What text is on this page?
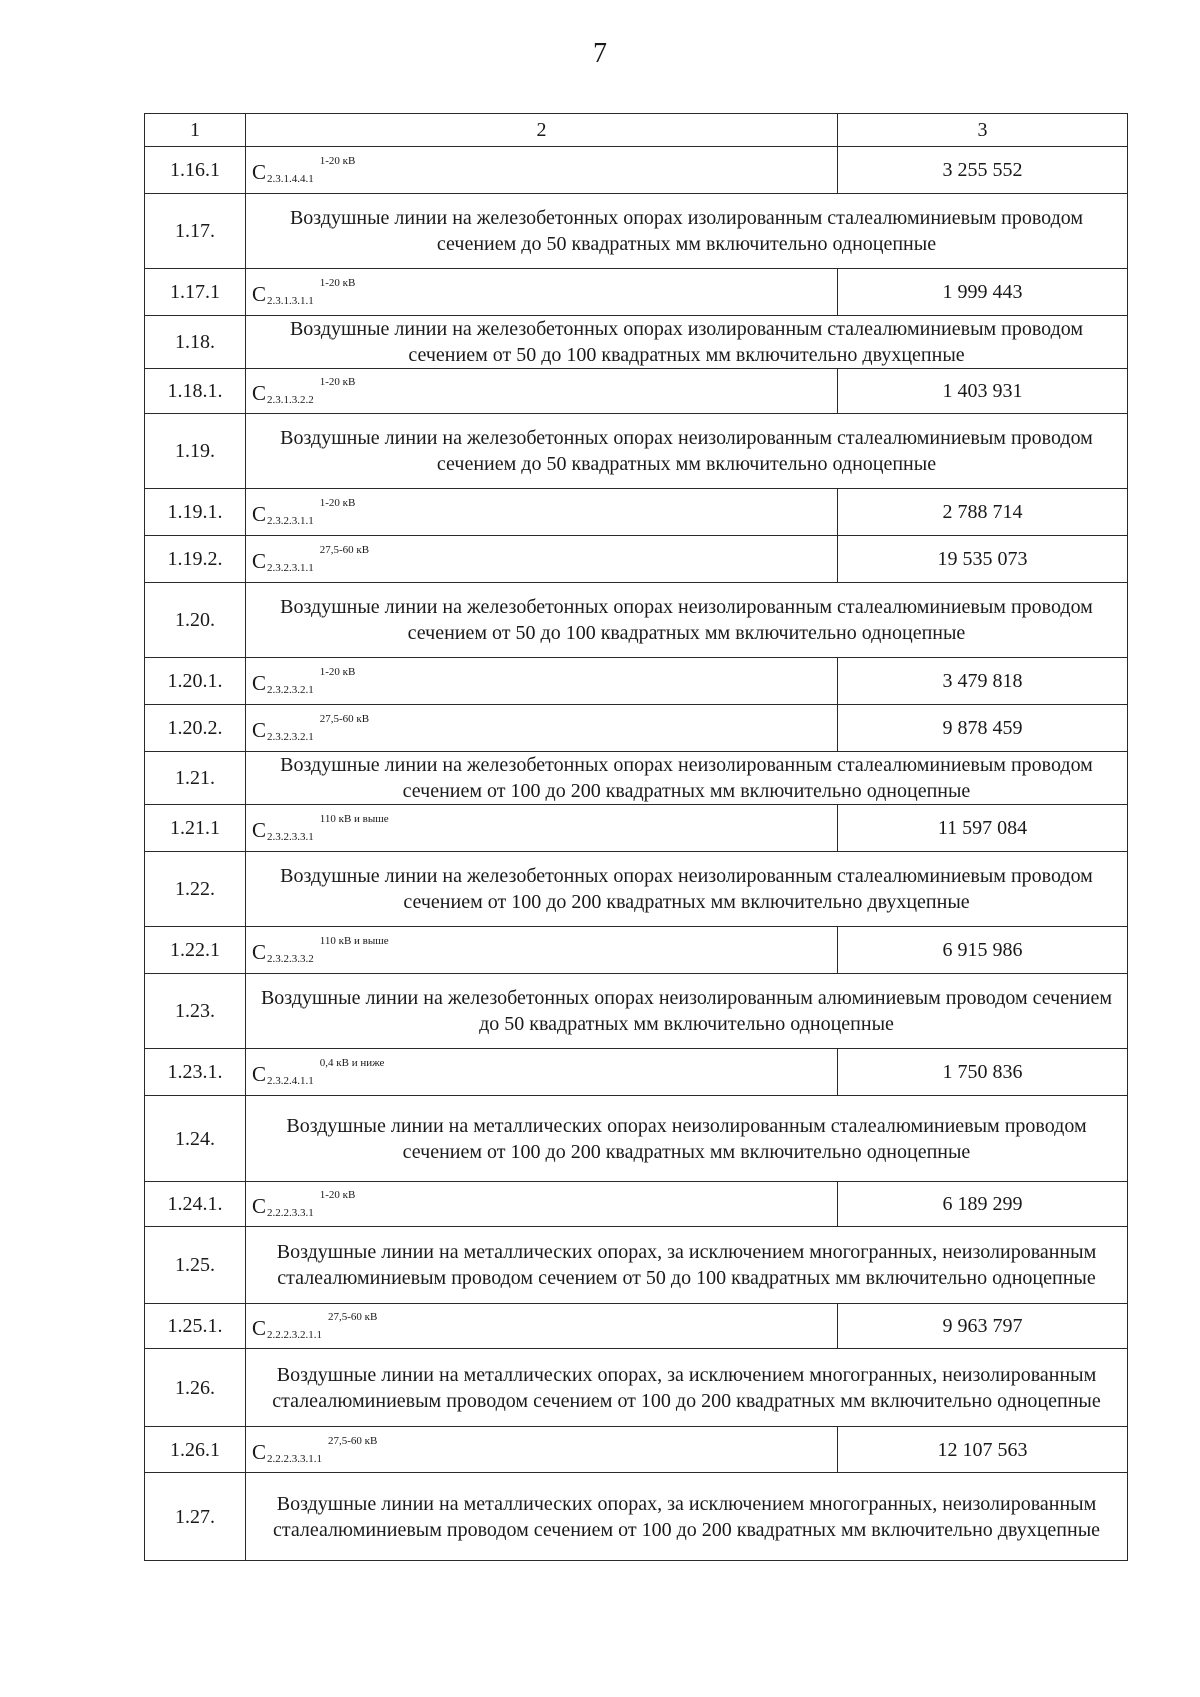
7
1	2	3
1.16.1	$С2.3.1.4.4.1^{1-20 кВ}$	3 255 552
1.17.	Воздушные линии на железобетонных опорах изолированным сталеалюминиевым проводом сечением до 50 квадратных мм включительно одноцепные	
1.17.1	$С2.3.1.3.1.1^{1-20 кВ}$	1 999 443
1.18.	Воздушные линии на железобетонных опорах изолированным сталеалюминиевым проводом сечением от 50 до 100 квадратных мм включительно двухцепные	
1.18.1.	$С2.3.1.3.2.2^{1-20 кВ}$	1 403 931
1.19.	Воздушные линии на железобетонных опорах неизолированным сталеалюминиевым проводом сечением до 50 квадратных мм включительно одноцепные	
1.19.1.	$С2.3.2.3.1.1^{1-20 кВ}$	2 788 714
1.19.2.	$С2.3.2.3.1.1^{27,5-60 кВ}$	19 535 073
1.20.	Воздушные линии на железобетонных опорах неизолированным сталеалюминиевым проводом сечением от 50 до 100 квадратных мм включительно одноцепные	
1.20.1.	$С2.3.2.3.2.1^{1-20 кВ}$	3 479 818
1.20.2.	$С2.3.2.3.2.1^{27,5-60 кВ}$	9 878 459
1.21.	Воздушные линии на железобетонных опорах неизолированным сталеалюминиевым проводом сечением от 100 до 200 квадратных мм включительно одноцепные	
1.21.1	$С2.3.2.3.3.1^{110 кВ и выше}$	11 597 084
1.22.	Воздушные линии на железобетонных опорах неизолированным сталеалюминиевым проводом сечением от 100 до 200 квадратных мм включительно двухцепные	
1.22.1	$С2.3.2.3.3.2^{110 кВ и выше}$	6 915 986
1.23.	Воздушные линии на железобетонных опорах неизолированным алюминиевым проводом сечением до 50 квадратных мм включительно одноцепные	
1.23.1.	$С2.3.2.4.1.1^{0,4 кВ и ниже}$	1 750 836
1.24.	Воздушные линии на металлических опорах неизолированным сталеалюминиевым проводом сечением от 100 до 200 квадратных мм включительно одноцепные	
1.24.1.	$С2.2.2.3.3.1^{1-20 кВ}$	6 189 299
1.25.	Воздушные линии на металлических опорах, за исключением многогранных, неизолированным сталеалюминиевым проводом сечением от 50 до 100 квадратных мм включительно одноцепные	
1.25.1.	$С2.2.2.3.2.1.1^{27,5-60 кВ}$	9 963 797
1.26.	Воздушные линии на металлических опорах, за исключением многогранных, неизолированным сталеалюминиевым проводом сечением от 100 до 200 квадратных мм включительно одноцепные	
1.26.1	$С2.2.2.3.3.1.1^{27,5-60 кВ}$	12 107 563
1.27.	Воздушные линии на металлических опорах, за исключением многогранных, неизолированным сталеалюминиевым проводом сечением от 100 до 200 квадратных мм включительно двухцепные	
